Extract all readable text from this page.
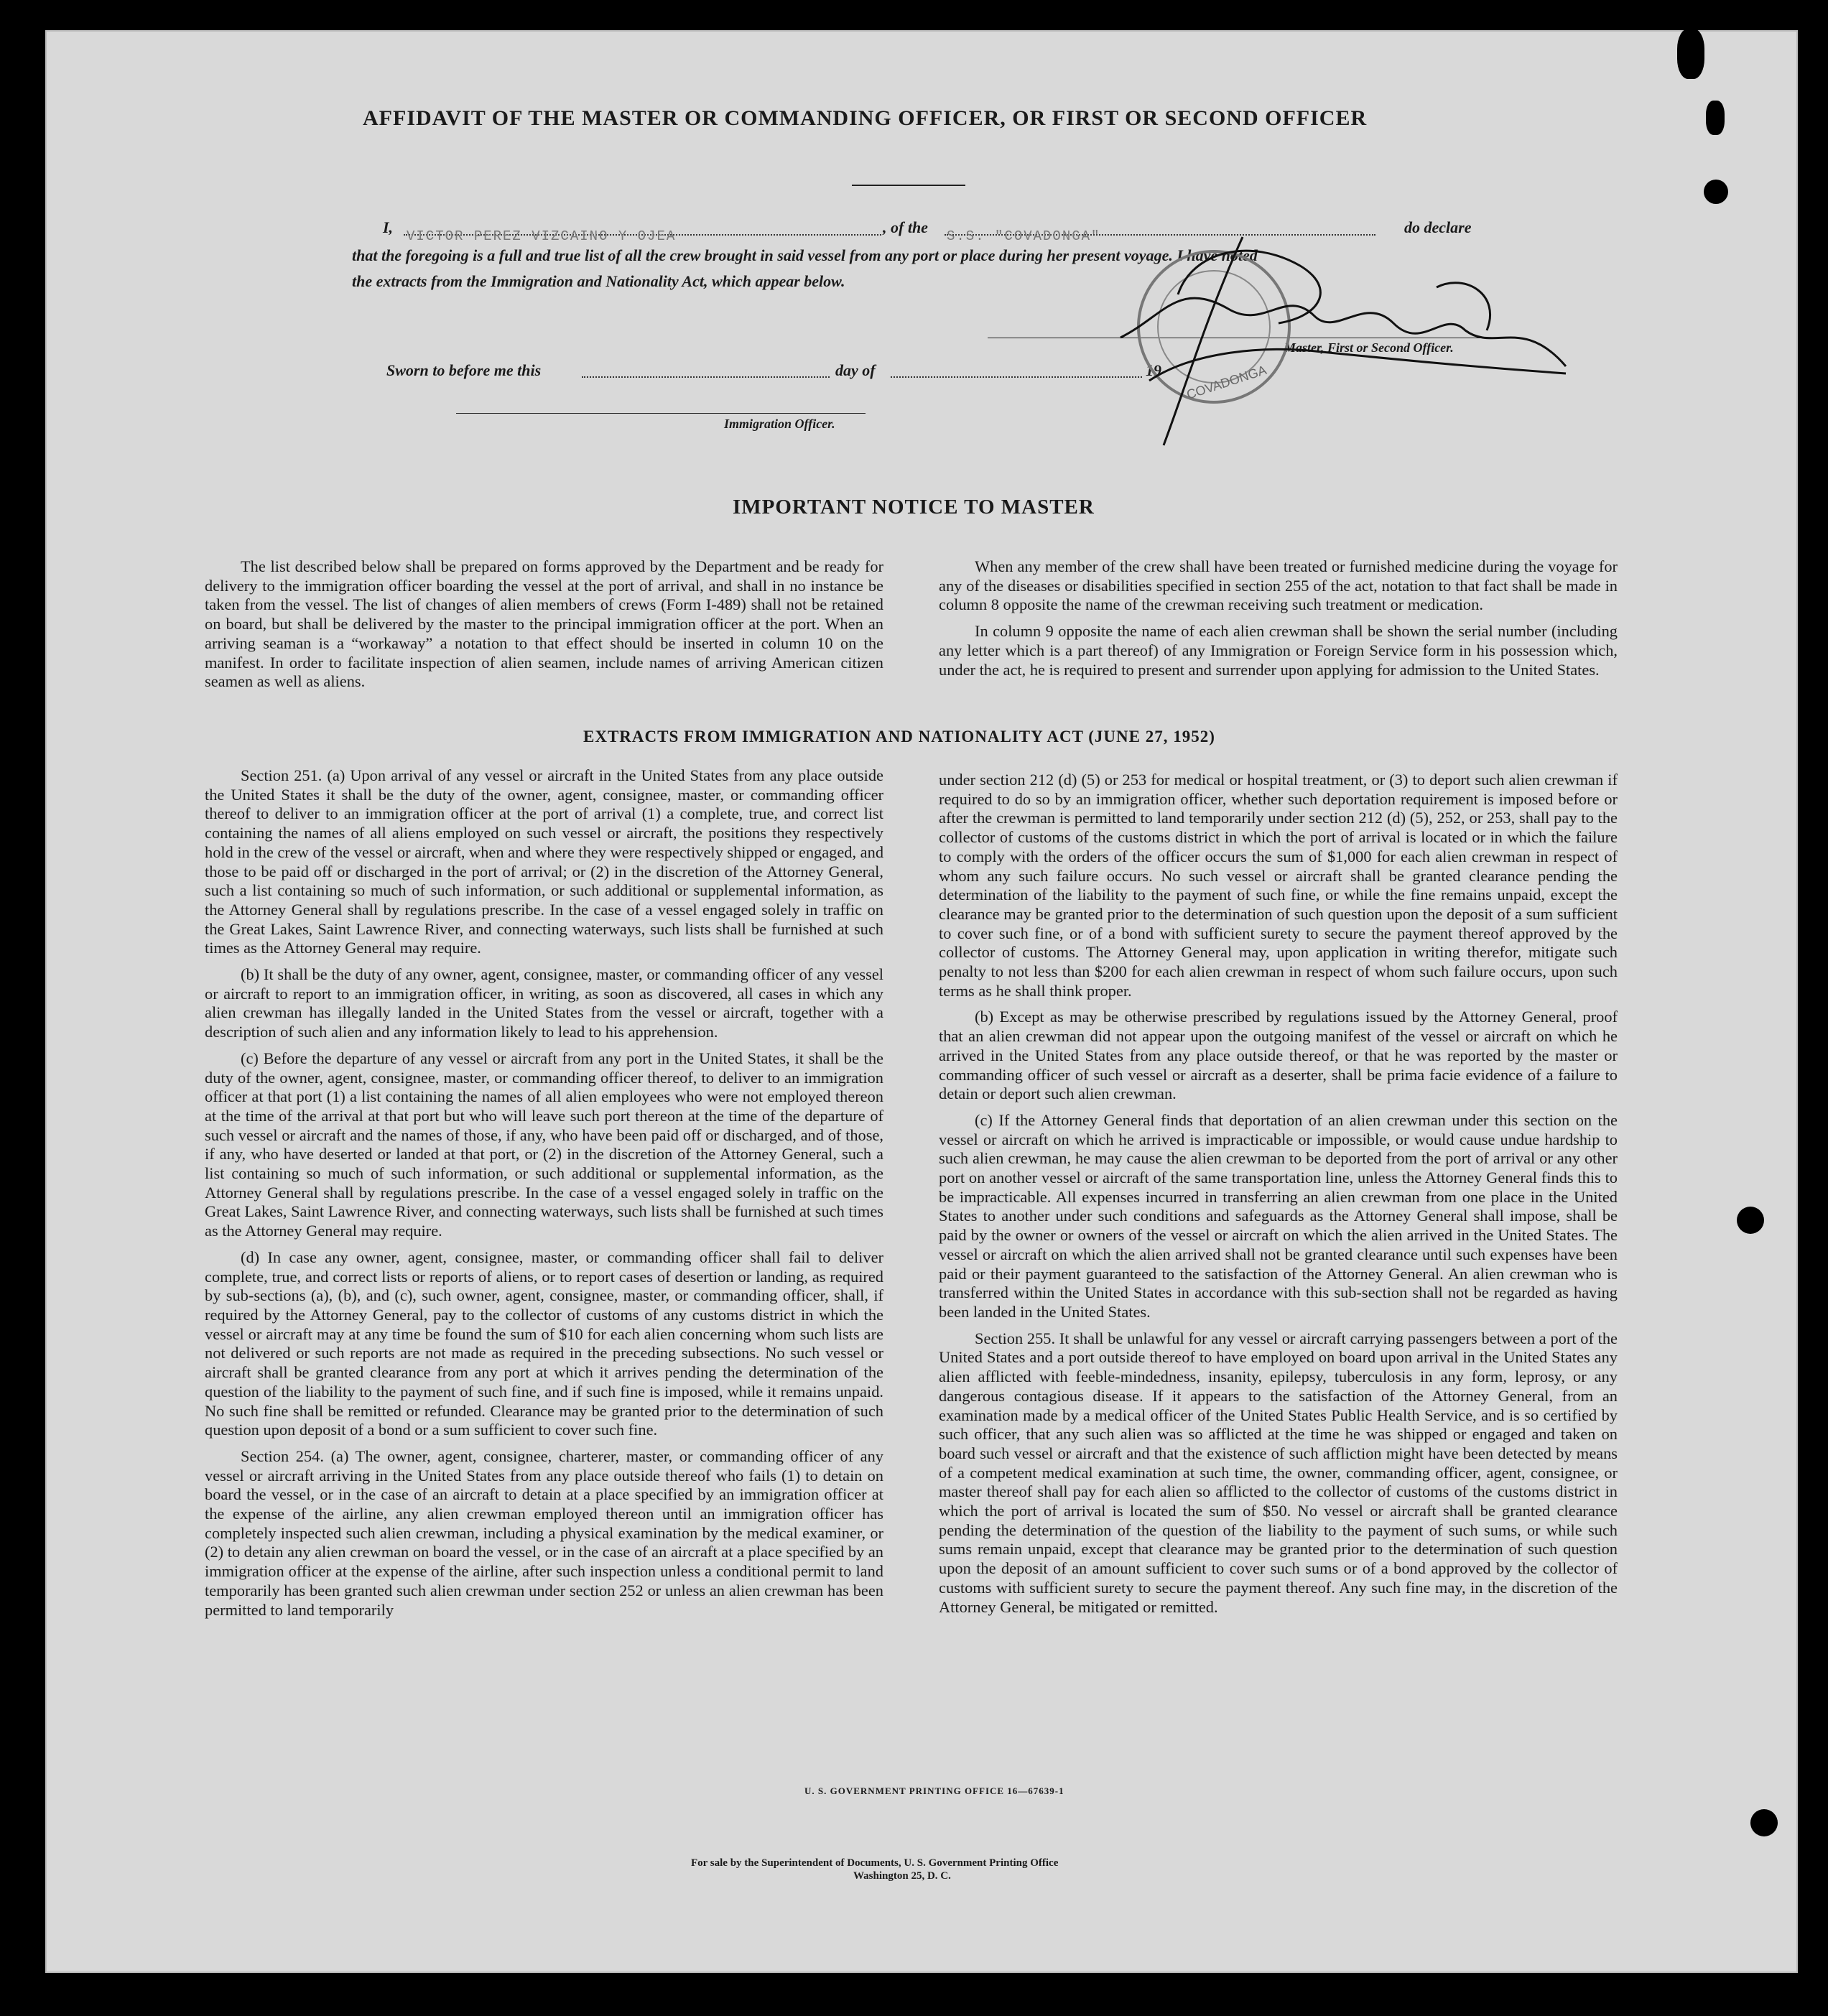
AFFIDAVIT OF THE MASTER OR COMMANDING OFFICER, OR FIRST OR SECOND OFFICER
I, VICTOR PEREZ VIZCAINO Y OJEA	, of the S.S. "COVADONGA"	do declare
that the foregoing is a full and true list of all the crew brought in said vessel from any port or place during her present voyage. I have noted
the extracts from the Immigration and Nationality Act, which appear below.
Master, First or Second Officer.
Sworn to before me this	day of	19
Immigration Officer.
COVADONGA
IMPORTANT NOTICE TO MASTER

The list described below shall be prepared on forms approved by the Department and be ready for delivery to the immigration officer boarding the vessel at the port of arrival, and shall in no instance be taken from the vessel. The list of changes of alien members of crews (Form I-489) shall not be retained on board, but shall be delivered by the master to the principal immigration officer at the port. When an arriving seaman is a “workaway” a notation to that effect should be inserted in column 10 on the manifest. In order to facilitate inspection of alien seamen, include names of arriving American citizen seamen as well as aliens.

When any member of the crew shall have been treated or furnished medicine during the voyage for any of the diseases or disabilities specified in section 255 of the act, notation to that fact shall be made in column 8 opposite the name of the crewman receiving such treatment or medication.

In column 9 opposite the name of each alien crewman shall be shown the serial number (including any letter which is a part thereof) of any Immigration or Foreign Service form in his possession which, under the act, he is required to present and surrender upon applying for admission to the United States.

EXTRACTS FROM IMMIGRATION AND NATIONALITY ACT (JUNE 27, 1952)

Section 251. (a) Upon arrival of any vessel or aircraft in the United States from any place outside the United States it shall be the duty of the owner, agent, consignee, master, or commanding officer thereof to deliver to an immigration officer at the port of arrival (1) a complete, true, and correct list containing the names of all aliens employed on such vessel or aircraft, the positions they respectively hold in the crew of the vessel or aircraft, when and where they were respectively shipped or engaged, and those to be paid off or discharged in the port of arrival; or (2) in the discretion of the Attorney General, such a list containing so much of such information, or such additional or supplemental information, as the Attorney General shall by regulations prescribe. In the case of a vessel engaged solely in traffic on the Great Lakes, Saint Lawrence River, and connecting waterways, such lists shall be furnished at such times as the Attorney General may require.

(b) It shall be the duty of any owner, agent, consignee, master, or commanding officer of any vessel or aircraft to report to an immigration officer, in writing, as soon as discovered, all cases in which any alien crewman has illegally landed in the United States from the vessel or aircraft, together with a description of such alien and any information likely to lead to his apprehension.

(c) Before the departure of any vessel or aircraft from any port in the United States, it shall be the duty of the owner, agent, consignee, master, or commanding officer thereof, to deliver to an immigration officer at that port (1) a list containing the names of all alien employees who were not employed thereon at the time of the arrival at that port but who will leave such port thereon at the time of the departure of such vessel or aircraft and the names of those, if any, who have been paid off or discharged, and of those, if any, who have deserted or landed at that port, or (2) in the discretion of the Attorney General, such a list containing so much of such information, or such additional or supplemental information, as the Attorney General shall by regulations prescribe. In the case of a vessel engaged solely in traffic on the Great Lakes, Saint Lawrence River, and connecting waterways, such lists shall be furnished at such times as the Attorney General may require.

(d) In case any owner, agent, consignee, master, or commanding officer shall fail to deliver complete, true, and correct lists or reports of aliens, or to report cases of desertion or landing, as required by sub-sections (a), (b), and (c), such owner, agent, consignee, master, or commanding officer, shall, if required by the Attorney General, pay to the collector of customs of any customs district in which the vessel or aircraft may at any time be found the sum of $10 for each alien concerning whom such lists are not delivered or such reports are not made as required in the preceding subsections. No such vessel or aircraft shall be granted clearance from any port at which it arrives pending the determination of the question of the liability to the payment of such fine, and if such fine is imposed, while it remains unpaid. No such fine shall be remitted or refunded. Clearance may be granted prior to the determination of such question upon deposit of a bond or a sum sufficient to cover such fine.

Section 254. (a) The owner, agent, consignee, charterer, master, or commanding officer of any vessel or aircraft arriving in the United States from any place outside thereof who fails (1) to detain on board the vessel, or in the case of an aircraft to detain at a place specified by an immigration officer at the expense of the airline, any alien crewman employed thereon until an immigration officer has completely inspected such alien crewman, including a physical examination by the medical examiner, or (2) to detain any alien crewman on board the vessel, or in the case of an aircraft at a place specified by an immigration officer at the expense of the airline, after such inspection unless a conditional permit to land temporarily has been granted such alien crewman under section 252 or unless an alien crewman has been permitted to land temporarily

under section 212 (d) (5) or 253 for medical or hospital treatment, or (3) to deport such alien crewman if required to do so by an immigration officer, whether such deportation requirement is imposed before or after the crewman is permitted to land temporarily under section 212 (d) (5), 252, or 253, shall pay to the collector of customs of the customs district in which the port of arrival is located or in which the failure to comply with the orders of the officer occurs the sum of $1,000 for each alien crewman in respect of whom any such failure occurs. No such vessel or aircraft shall be granted clearance pending the determination of the liability to the payment of such fine, or while the fine remains unpaid, except the clearance may be granted prior to the determination of such question upon the deposit of a sum sufficient to cover such fine, or of a bond with sufficient surety to secure the payment thereof approved by the collector of customs. The Attorney General may, upon application in writing therefor, mitigate such penalty to not less than $200 for each alien crewman in respect of whom such failure occurs, upon such terms as he shall think proper.

(b) Except as may be otherwise prescribed by regulations issued by the Attorney General, proof that an alien crewman did not appear upon the outgoing manifest of the vessel or aircraft on which he arrived in the United States from any place outside thereof, or that he was reported by the master or commanding officer of such vessel or aircraft as a deserter, shall be prima facie evidence of a failure to detain or deport such alien crewman.

(c) If the Attorney General finds that deportation of an alien crewman under this section on the vessel or aircraft on which he arrived is impracticable or impossible, or would cause undue hardship to such alien crewman, he may cause the alien crewman to be deported from the port of arrival or any other port on another vessel or aircraft of the same transportation line, unless the Attorney General finds this to be impracticable. All expenses incurred in transferring an alien crewman from one place in the United States to another under such conditions and safeguards as the Attorney General shall impose, shall be paid by the owner or owners of the vessel or aircraft on which the alien arrived in the United States. The vessel or aircraft on which the alien arrived shall not be granted clearance until such expenses have been paid or their payment guaranteed to the satisfaction of the Attorney General. An alien crewman who is transferred within the United States in accordance with this sub-section shall not be regarded as having been landed in the United States.

Section 255. It shall be unlawful for any vessel or aircraft carrying passengers between a port of the United States and a port outside thereof to have employed on board upon arrival in the United States any alien afflicted with feeble-mindedness, insanity, epilepsy, tuberculosis in any form, leprosy, or any dangerous contagious disease. If it appears to the satisfaction of the Attorney General, from an examination made by a medical officer of the United States Public Health Service, and is so certified by such officer, that any such alien was so afflicted at the time he was shipped or engaged and taken on board such vessel or aircraft and that the existence of such affliction might have been detected by means of a competent medical examination at such time, the owner, commanding officer, agent, consignee, or master thereof shall pay for each alien so afflicted to the collector of customs of the customs district in which the port of arrival is located the sum of $50. No vessel or aircraft shall be granted clearance pending the determination of the question of the liability to the payment of such sums, or while such sums remain unpaid, except that clearance may be granted prior to the determination of such question upon the deposit of an amount sufficient to cover such sums or of a bond approved by the collector of customs with sufficient surety to secure the payment thereof. Any such fine may, in the discretion of the Attorney General, be mitigated or remitted.

U. S. GOVERNMENT PRINTING OFFICE 16—67639-1
For sale by the Superintendent of Documents, U. S. Government Printing Office
Washington 25, D. C.
